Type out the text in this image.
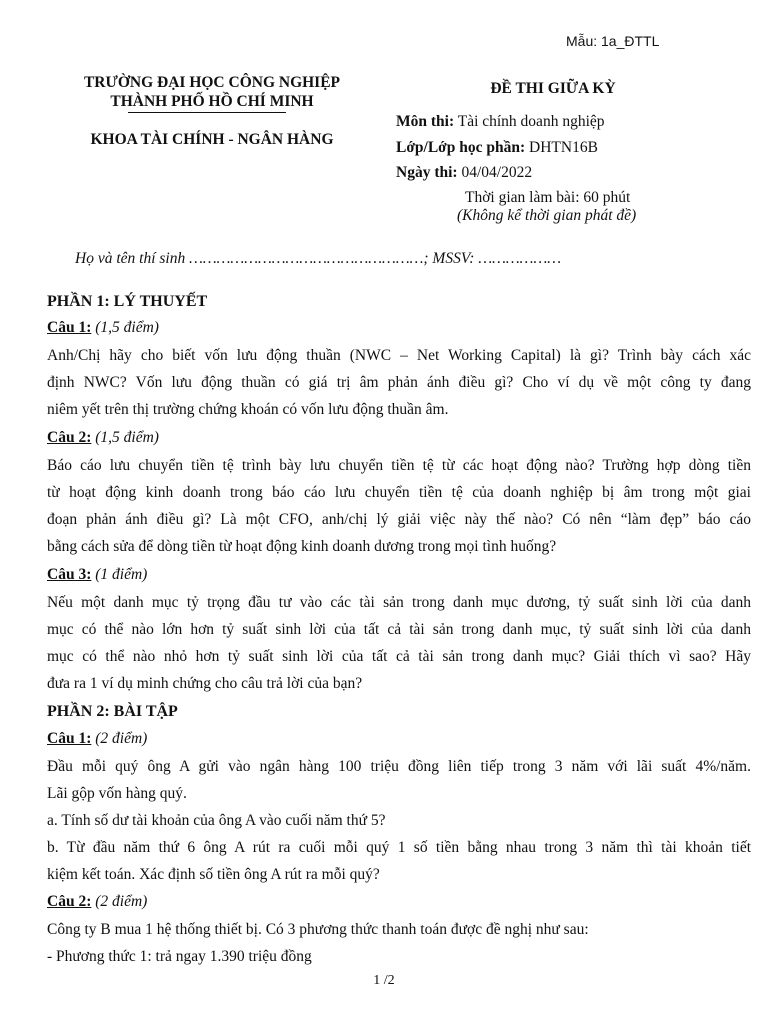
Mẫu: 1a_ĐTTL
TRƯỜNG ĐẠI HỌC CÔNG NGHIỆP
THÀNH PHỐ HỒ CHÍ MINH
KHOA TÀI CHÍNH - NGÂN HÀNG
ĐỀ THI GIỮA KỲ
Môn thi: Tài chính doanh nghiệp
Lớp/Lớp học phần: DHTN16B
Ngày thi: 04/04/2022
Thời gian làm bài: 60 phút
(Không kể thời gian phát đề)
Họ và tên thí sinh ……………………………………………; MSSV: ………………
PHẦN 1: LÝ THUYẾT
Câu 1: (1,5 điểm)
Anh/Chị hãy cho biết vốn lưu động thuần (NWC – Net Working Capital) là gì? Trình bày cách xác
định NWC? Vốn lưu động thuần có giá trị âm phản ánh điều gì? Cho ví dụ về một công ty đang
niêm yết trên thị trường chứng khoán có vốn lưu động thuần âm.
Câu 2: (1,5 điểm)
Báo cáo lưu chuyển tiền tệ trình bày lưu chuyển tiền tệ từ các hoạt động nào? Trường hợp dòng tiền
từ hoạt động kinh doanh trong báo cáo lưu chuyển tiền tệ của doanh nghiệp bị âm trong một giai
đoạn phản ánh điều gì? Là một CFO, anh/chị lý giải việc này thế nào? Có nên “làm đẹp” báo cáo
bằng cách sửa để dòng tiền từ hoạt động kinh doanh dương trong mọi tình huống?
Câu 3: (1 điểm)
Nếu một danh mục tỷ trọng đầu tư vào các tài sản trong danh mục dương, tỷ suất sinh lời của danh
mục có thể nào lớn hơn tỷ suất sinh lời của tất cả tài sản trong danh mục, tỷ suất sinh lời của danh
mục có thể nào nhỏ hơn tỷ suất sinh lời của tất cả tài sản trong danh mục? Giải thích vì sao? Hãy
đưa ra 1 ví dụ minh chứng cho câu trả lời của bạn?
PHẦN 2: BÀI TẬP
Câu 1: (2 điểm)
Đầu mỗi quý ông A gửi vào ngân hàng 100 triệu đồng liên tiếp trong 3 năm với lãi suất 4%/năm.
Lãi gộp vốn hàng quý.
a. Tính số dư tài khoản của ông A vào cuối năm thứ 5?
b. Từ đầu năm thứ 6 ông A rút ra cuối mỗi quý 1 số tiền bằng nhau trong 3 năm thì tài khoản tiết
kiệm kết toán. Xác định số tiền ông A rút ra mỗi quý?
Câu 2: (2 điểm)
Công ty B mua 1 hệ thống thiết bị. Có 3 phương thức thanh toán được đề nghị như sau:
- Phương thức 1: trả ngay 1.390 triệu đồng
1 /2
